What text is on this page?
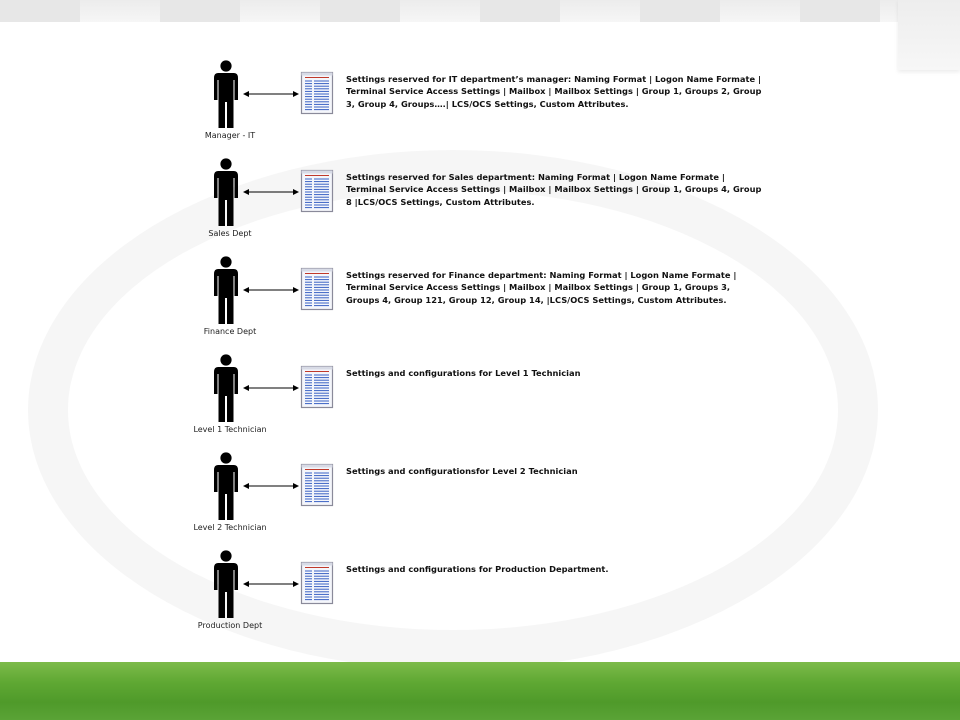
Manager - IT
Settings reserved for IT department’s manager: Naming Format | Logon Name Formate | Terminal Service Access Settings | Mailbox | Mailbox Settings | Group 1, Groups 2, Group 3, Group 4, Groups….| LCS/OCS Settings, Custom Attributes.
Sales Dept
Settings reserved for Sales department: Naming Format | Logon Name Formate | Terminal Service Access Settings | Mailbox | Mailbox Settings | Group 1, Groups 4, Group 8 |LCS/OCS Settings, Custom Attributes.
Finance Dept
Settings reserved for Finance department: Naming Format | Logon Name Formate | Terminal Service Access Settings | Mailbox | Mailbox Settings | Group 1, Groups 3, Groups 4, Group 121, Group 12, Group 14, |LCS/OCS Settings, Custom Attributes.
Level 1 Technician
Settings and configurations for Level 1 Technician
Level 2 Technician
Settings and configurationsfor Level 2 Technician
Production Dept
Settings and configurations for Production Department.
